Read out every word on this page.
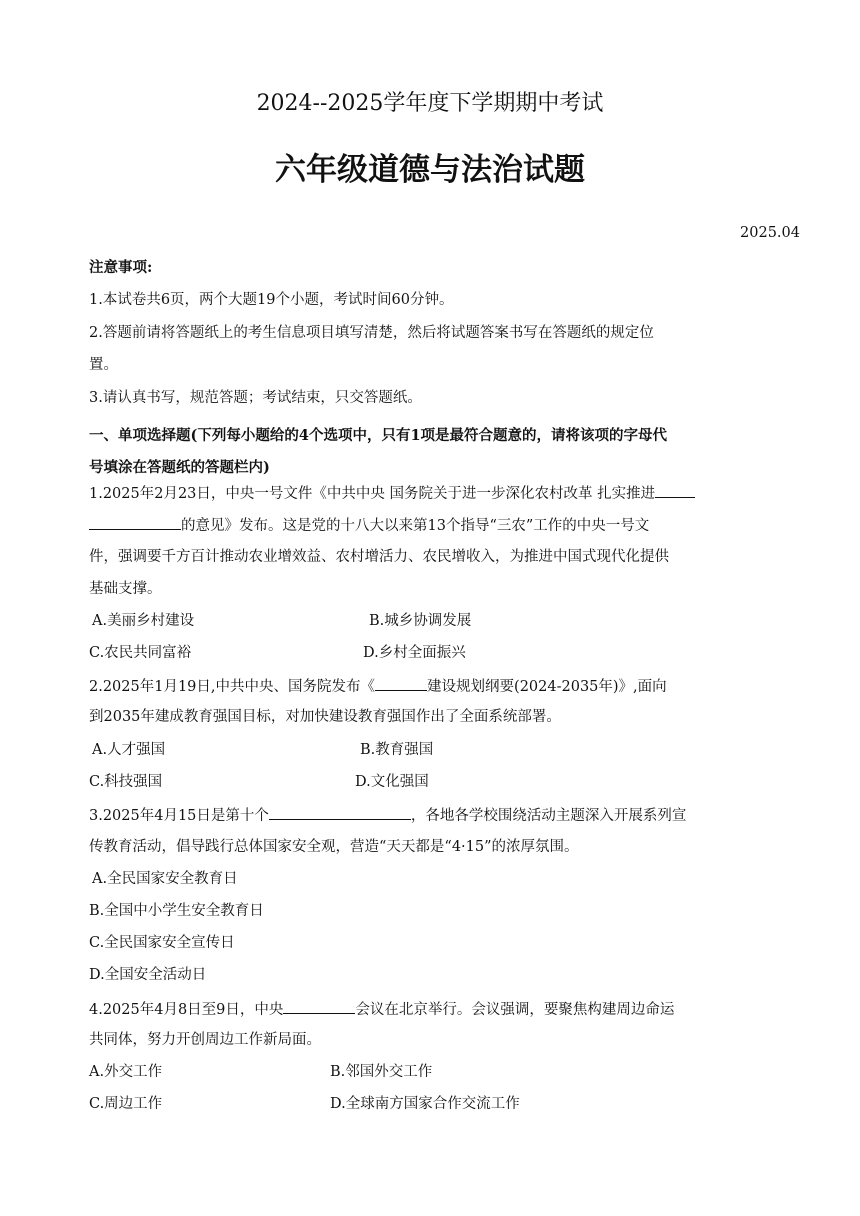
2024--2025学年度下学期期中考试
六年级道德与法治试题
2025.04
注意事项:
1.本试卷共6页，两个大题19个小题，考试时间60分钟。
2.答题前请将答题纸上的考生信息项目填写清楚，然后将试题答案书写在答题纸的规定位
置。
3.请认真书写，规范答题；考试结束，只交答题纸。
一、单项选择题(下列每小题给的4个选项中，只有1项是最符合题意的，请将该项的字母代
号填涂在答题纸的答题栏内)
1.2025年2月23日，中央一号文件《中共中央 国务院关于进一步深化农村改革 扎实推进
的意见》发布。这是党的十八大以来第13个指导“三农”工作的中央一号文
件，强调要千方百计推动农业增效益、农村增活力、农民增收入，为推进中国式现代化提供
基础支撑。
A.美丽乡村建设	B.城乡协调发展
C.农民共同富裕	D.乡村全面振兴
2.2025年1月19日,中共中央、国务院发布《	建设规划纲要(2024-2035年)》,面向
到2035年建成教育强国目标，对加快建设教育强国作出了全面系统部署。
A.人才强国	B.教育强国
C.科技强国	D.文化强国
3.2025年4月15日是第十个	，各地各学校围绕活动主题深入开展系列宣
传教育活动，倡导践行总体国家安全观，营造“天天都是“4·15”的浓厚氛围。
A.全民国家安全教育日
B.全国中小学生安全教育日
C.全民国家安全宣传日
D.全国安全活动日
4.2025年4月8日至9日，中央	会议在北京举行。会议强调，要聚焦构建周边命运
共同体，努力开创周边工作新局面。
A.外交工作	B.邻国外交工作
C.周边工作	D.全球南方国家合作交流工作
